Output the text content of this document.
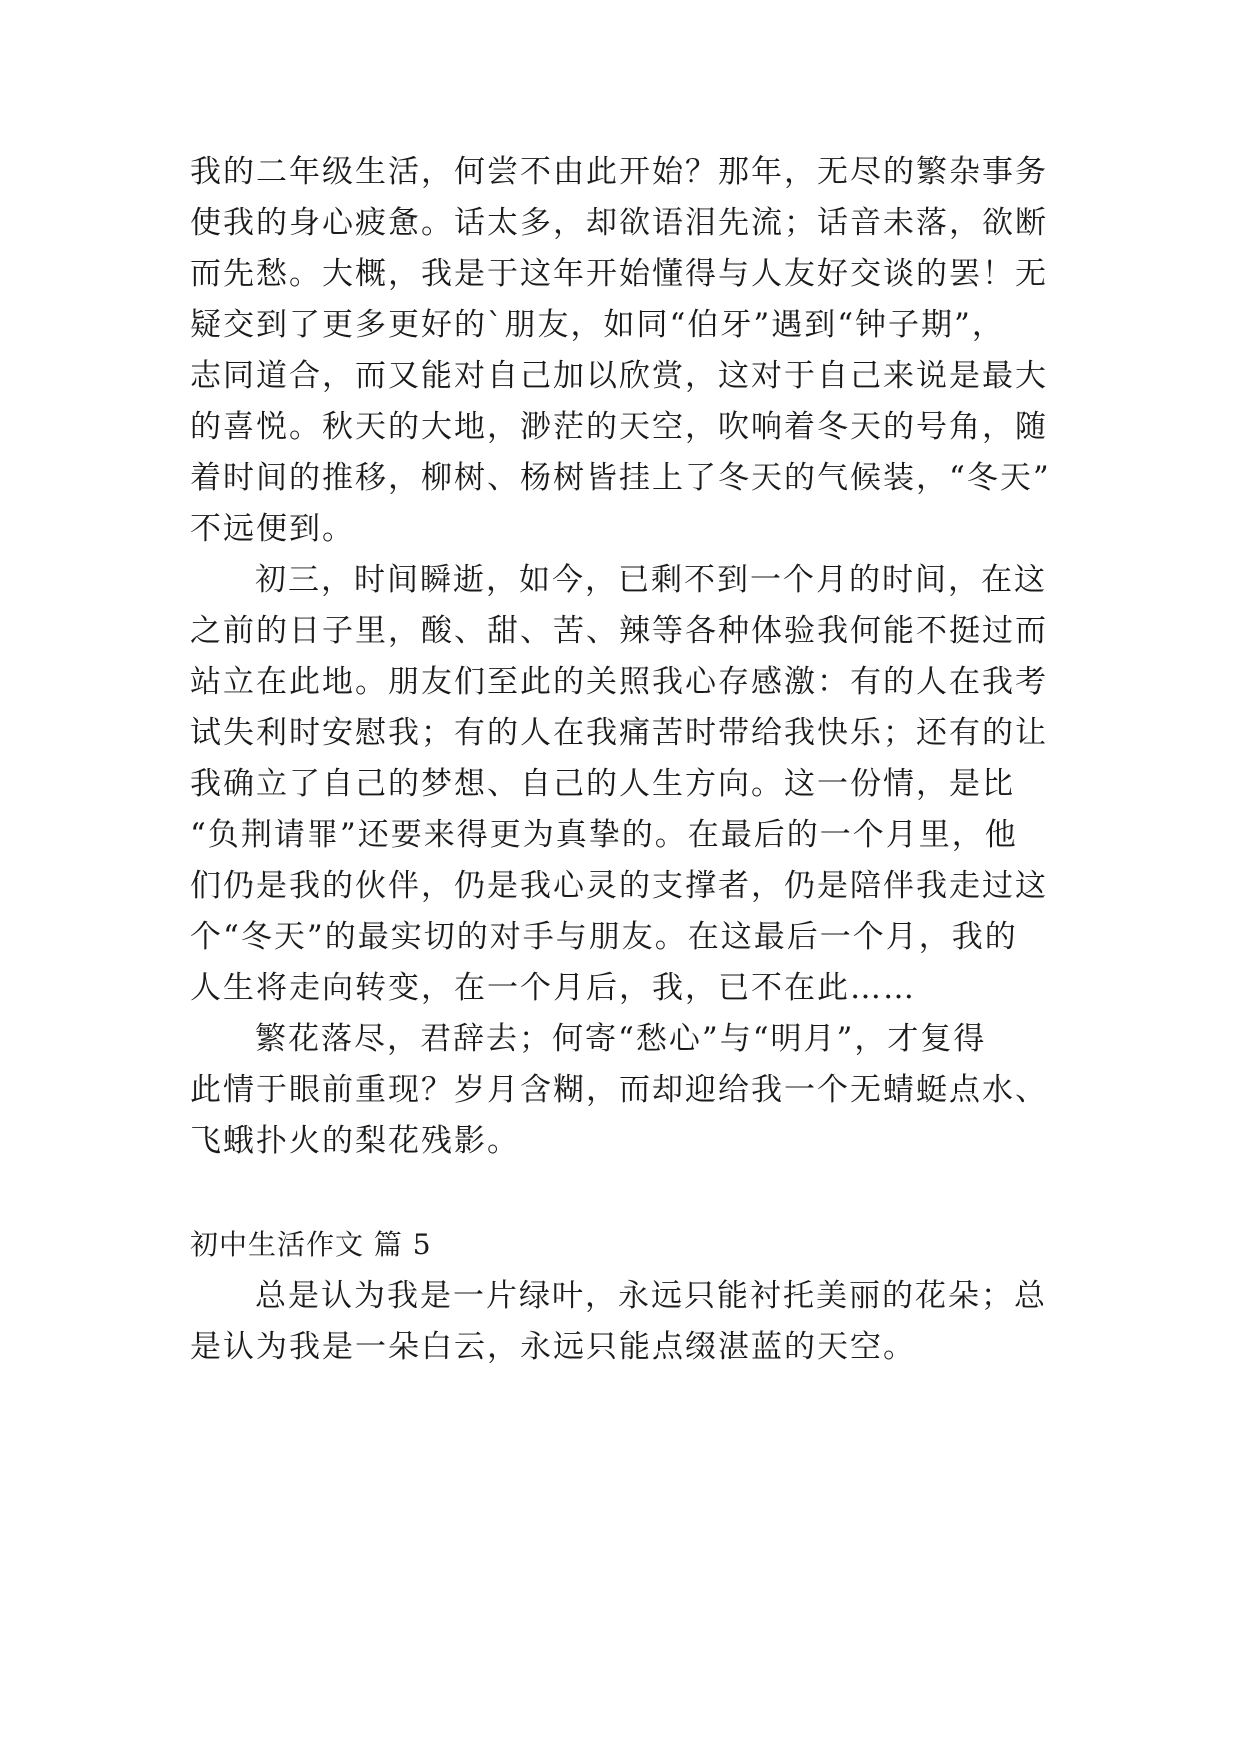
我的二年级生活，何尝不由此开始？那年，无尽的繁杂事务
使我的身心疲惫。话太多，却欲语泪先流；话音未落，欲断
而先愁。大概，我是于这年开始懂得与人友好交谈的罢！无
疑交到了更多更好的`朋友，如同“伯牙”遇到“钟子期”，
志同道合，而又能对自己加以欣赏，这对于自己来说是最大
的喜悦。秋天的大地，渺茫的天空，吹响着冬天的号角，随
着时间的推移，柳树、杨树皆挂上了冬天的气候装，“冬天”
不远便到。
初三，时间瞬逝，如今，已剩不到一个月的时间，在这
之前的日子里，酸、甜、苦、辣等各种体验我何能不挺过而
站立在此地。朋友们至此的关照我心存感激：有的人在我考
试失利时安慰我；有的人在我痛苦时带给我快乐；还有的让
我确立了自己的梦想、自己的人生方向。这一份情，是比
“负荆请罪”还要来得更为真挚的。在最后的一个月里，他
们仍是我的伙伴，仍是我心灵的支撑者，仍是陪伴我走过这
个“冬天”的最实切的对手与朋友。在这最后一个月，我的
人生将走向转变，在一个月后，我，已不在此……
繁花落尽，君辞去；何寄“愁心”与“明月”，才复得
此情于眼前重现？岁月含糊，而却迎给我一个无蜻蜓点水、
飞蛾扑火的梨花残影。
初中生活作文 篇 5
总是认为我是一片绿叶，永远只能衬托美丽的花朵；总
是认为我是一朵白云，永远只能点缀湛蓝的天空。
